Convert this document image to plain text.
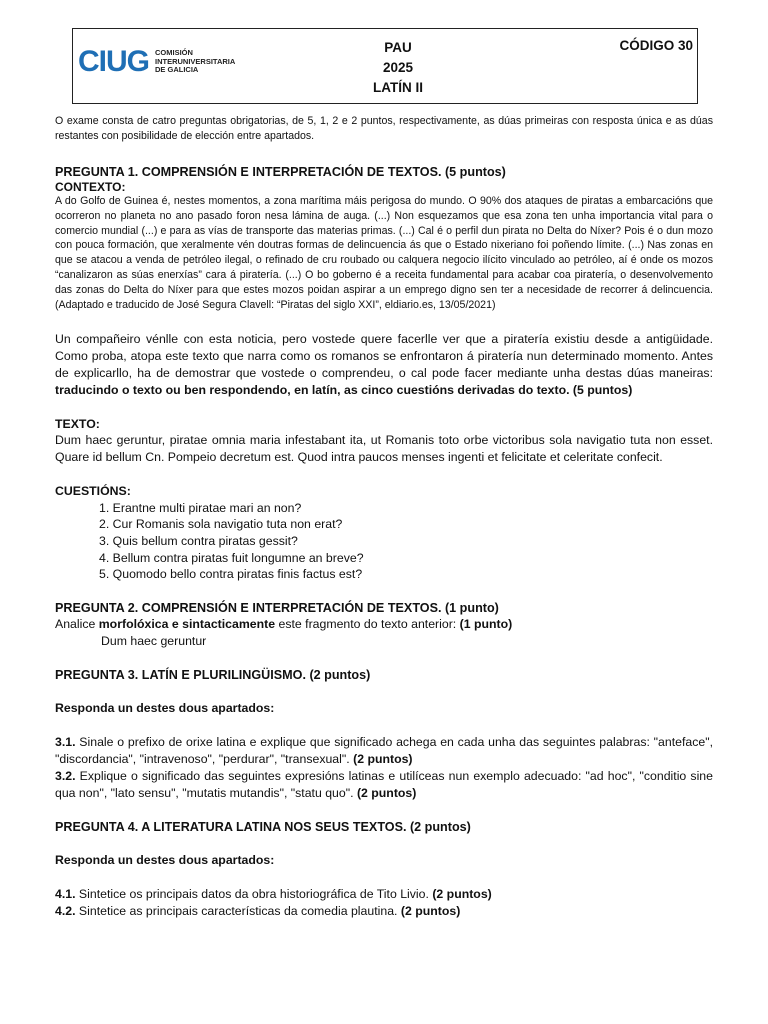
CIUG COMISIÓN
INTERUNIVERSITARIA
DE GALICIA
PAU
2025
LATÍN II
CÓDIGO 30

O exame consta de catro preguntas obrigatorias, de 5, 1, 2 e 2 puntos, respectivamente, as dúas primeiras con resposta única e as dúas restantes con posibilidade de elección entre apartados.

PREGUNTA 1. COMPRENSIÓN E INTERPRETACIÓN DE TEXTOS. (5 puntos)
CONTEXTO:

A do Golfo de Guinea é, nestes momentos, a zona marítima máis perigosa do mundo. O 90% dos ataques de piratas a embarcacións que ocorreron no planeta no ano pasado foron nesa lámina de auga. (...) Non esquezamos que esa zona ten unha importancia vital para o comercio mundial (...) e para as vías de transporte das materias primas. (...) Cal é o perfil dun pirata no Delta do Níxer? Pois é o dun mozo con pouca formación, que xeralmente vén doutras formas de delincuencia ás que o Estado nixeriano foi poñendo límite. (...) Nas zonas en que se atacou a venda de petróleo ilegal, o refinado de cru roubado ou calquera negocio ilícito vinculado ao petróleo, aí é onde os mozos “canalizaron as súas enerxías” cara á piratería. (...) O bo goberno é a receita fundamental para acabar coa piratería, o desenvolvemento das zonas do Delta do Níxer para que estes mozos poidan aspirar a un emprego digno sen ter a necesidade de recorrer á delincuencia. (Adaptado e traducido de José Segura Clavell: “Piratas del siglo XXI”, eldiario.es, 13/05/2021)

Un compañeiro vénlle con esta noticia, pero vostede quere facerlle ver que a piratería existiu desde a antigüidade. Como proba, atopa este texto que narra como os romanos se enfrontaron á piratería nun determinado momento. Antes de explicarllo, ha de demostrar que vostede o comprendeu, o cal pode facer mediante unha destas dúas maneiras: traducindo o texto ou ben respondendo, en latín, as cinco cuestións derivadas do texto. (5 puntos)

TEXTO:

Dum haec geruntur, piratae omnia maria infestabant ita, ut Romanis toto orbe victoribus sola navigatio tuta non esset. Quare id bellum Cn. Pompeio decretum est. Quod intra paucos menses ingenti et felicitate et celeritate confecit.

CUESTIÓNS:
1. Erantne multi piratae mari an non?
2. Cur Romanis sola navigatio tuta non erat?
3. Quis bellum contra piratas gessit?
4. Bellum contra piratas fuit longumne an breve?
5. Quomodo bello contra piratas finis factus est?
PREGUNTA 2. COMPRENSIÓN E INTERPRETACIÓN DE TEXTOS. (1 punto)

Analice morfolóxica e sintacticamente este fragmento do texto anterior: (1 punto)

Dum haec geruntur
PREGUNTA 3. LATÍN E PLURILINGÜISMO. (2 puntos)
Responda un destes dous apartados:

3.1. Sinale o prefixo de orixe latina e explique que significado achega en cada unha das seguintes palabras: "anteface", "discordancia", "intravenoso", "perdurar", "transexual". (2 puntos)

3.2. Explique o significado das seguintes expresións latinas e utilíceas nun exemplo adecuado: "ad hoc", "conditio sine qua non", "lato sensu", "mutatis mutandis", "statu quo". (2 puntos)

PREGUNTA 4. A LITERATURA LATINA NOS SEUS TEXTOS. (2 puntos)
Responda un destes dous apartados:

4.1. Sintetice os principais datos da obra historiográfica de Tito Livio. (2 puntos)

4.2. Sintetice as principais características da comedia plautina. (2 puntos)
